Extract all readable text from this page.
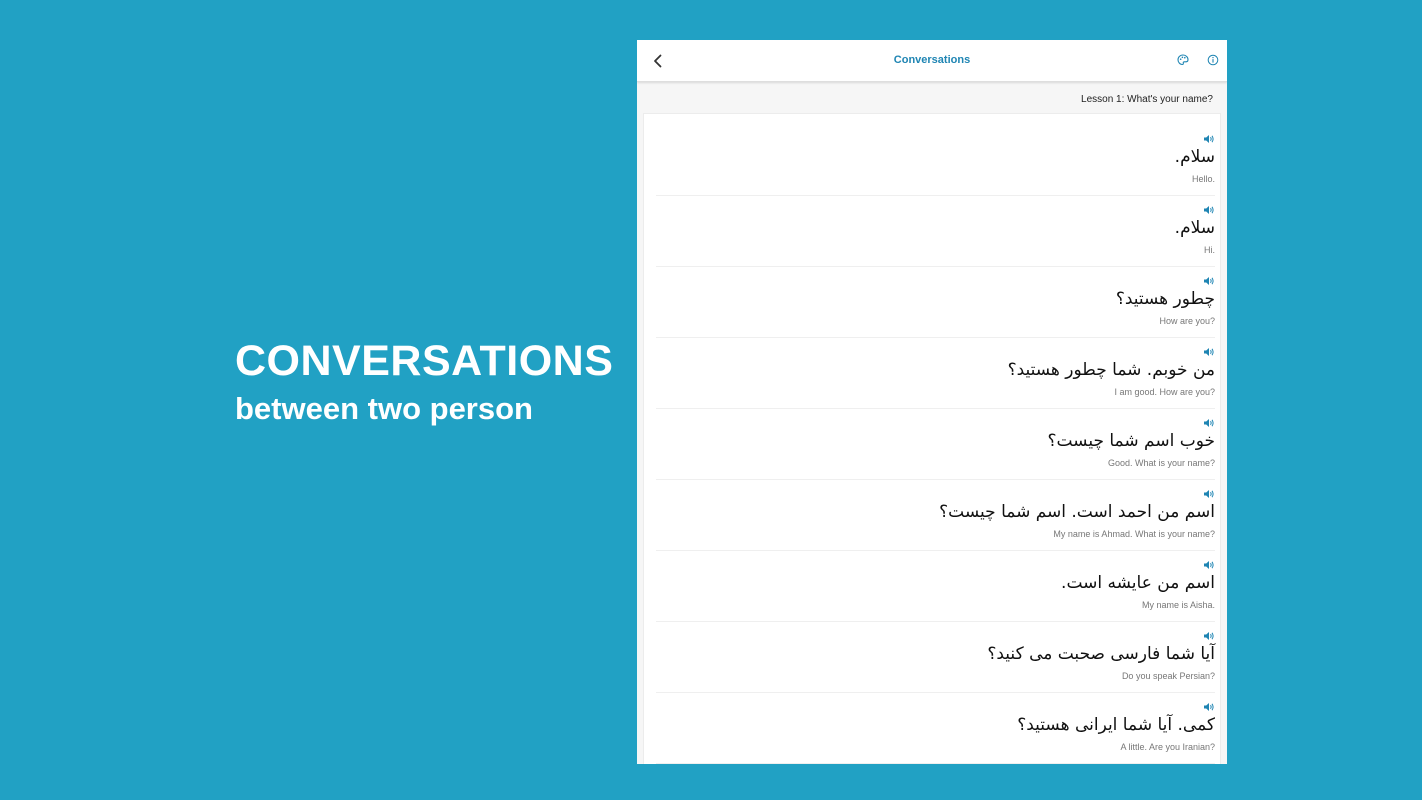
CONVERSATIONS
between two person
Conversations
Lesson 1: What's your name?
سلام.
Hello.
سلام.
Hi.
چطور هستید؟
How are you?
من خوبم. شما چطور هستید؟
I am good. How are you?
خوب اسم شما چیست؟
Good. What is your name?
اسم من احمد است. اسم شما چیست؟
My name is Ahmad. What is your name?
اسم من عایشه است.
My name is Aisha.
آیا شما فارسی صحبت می کنید؟
Do you speak Persian?
کمی. آیا شما ایرانی هستید؟
A little. Are you Iranian?
